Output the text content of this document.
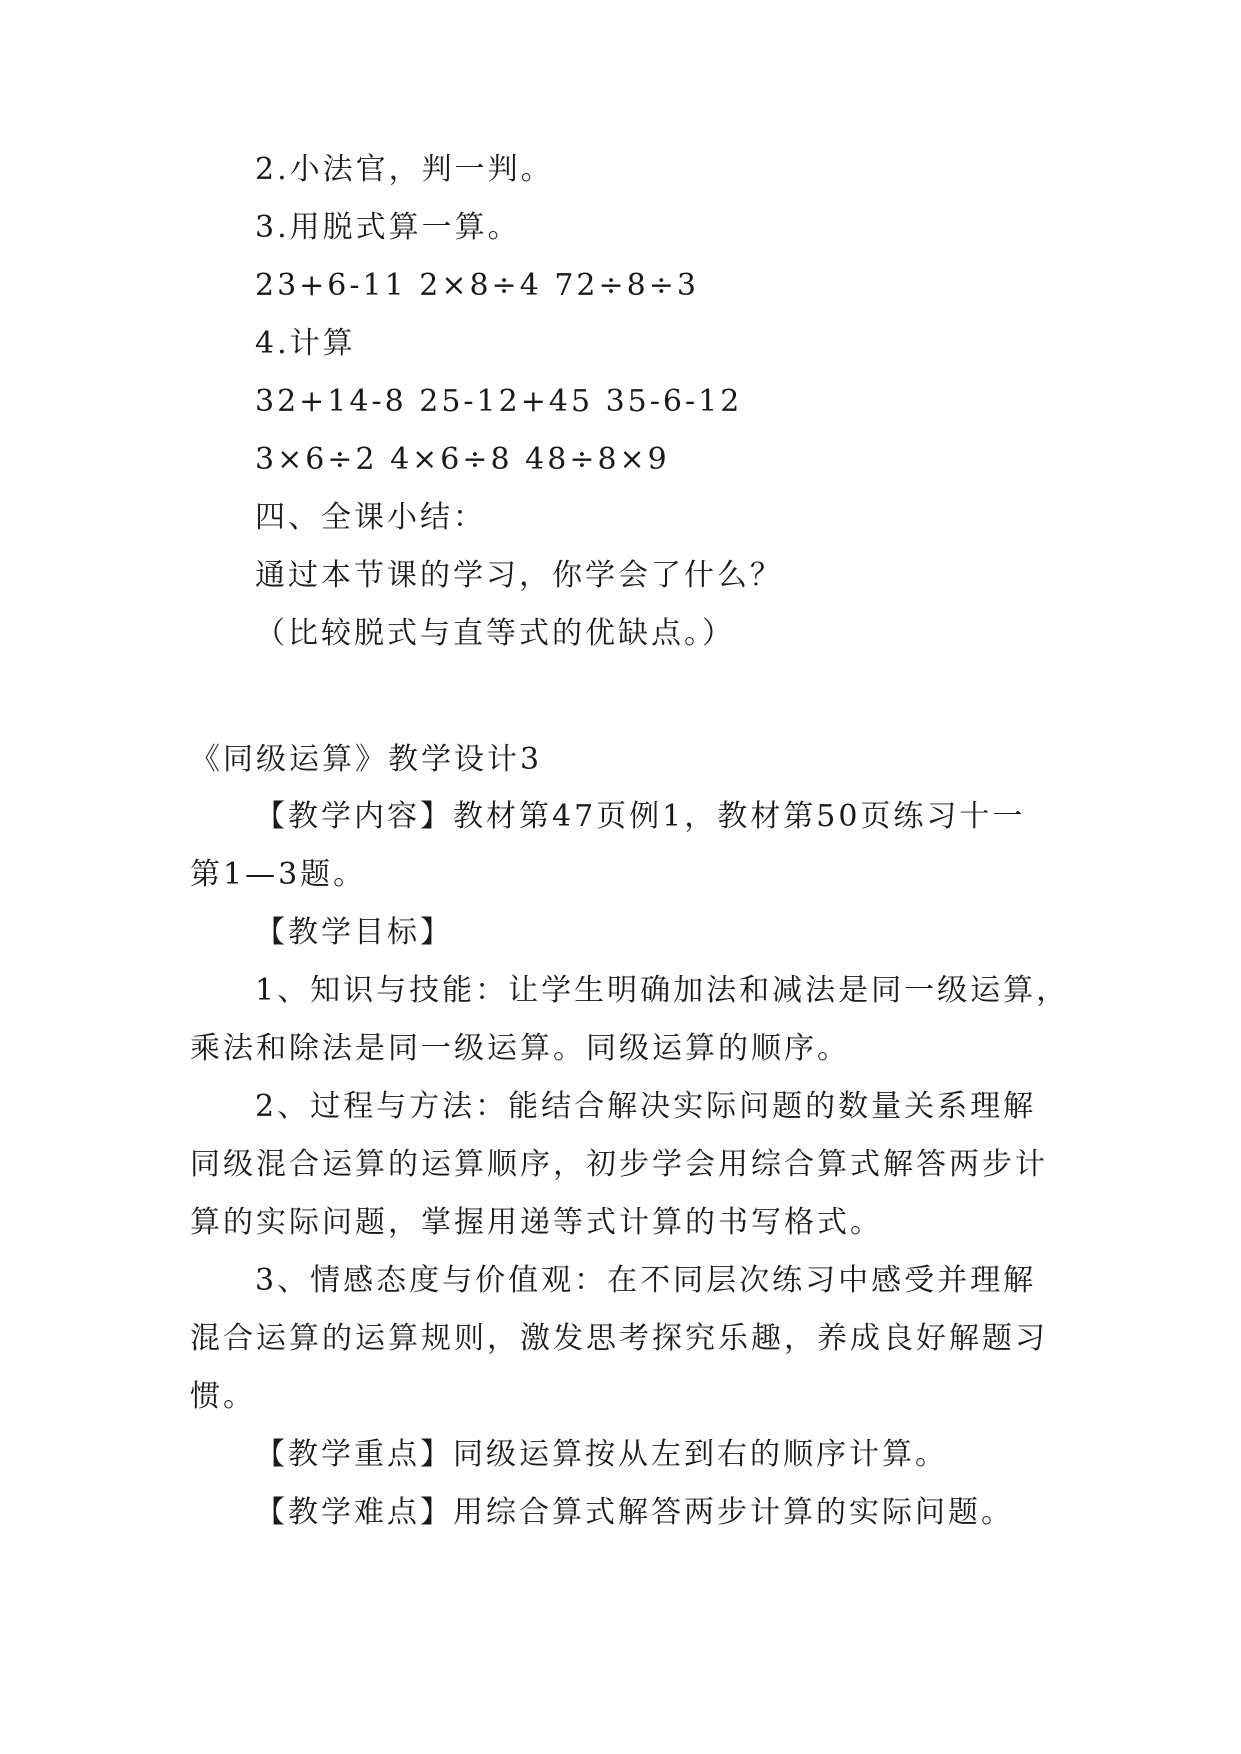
2.小法官，判一判。
3.用脱式算一算。
23+6-11 2×8÷4 72÷8÷3
4.计算
32+14-8 25-12+45 35-6-12
3×6÷2 4×6÷8 48÷8×9
四、全课小结：
通过本节课的学习，你学会了什么？
（比较脱式与直等式的优缺点。）
《同级运算》教学设计3
【教学内容】教材第47页例1，教材第50页练习十一
第1—3题。
【教学目标】
1、知识与技能：让学生明确加法和减法是同一级运算，
乘法和除法是同一级运算。同级运算的顺序。
2、过程与方法：能结合解决实际问题的数量关系理解
同级混合运算的运算顺序，初步学会用综合算式解答两步计
算的实际问题，掌握用递等式计算的书写格式。
3、情感态度与价值观：在不同层次练习中感受并理解
混合运算的运算规则，激发思考探究乐趣，养成良好解题习
惯。
【教学重点】同级运算按从左到右的顺序计算。
【教学难点】用综合算式解答两步计算的实际问题。
